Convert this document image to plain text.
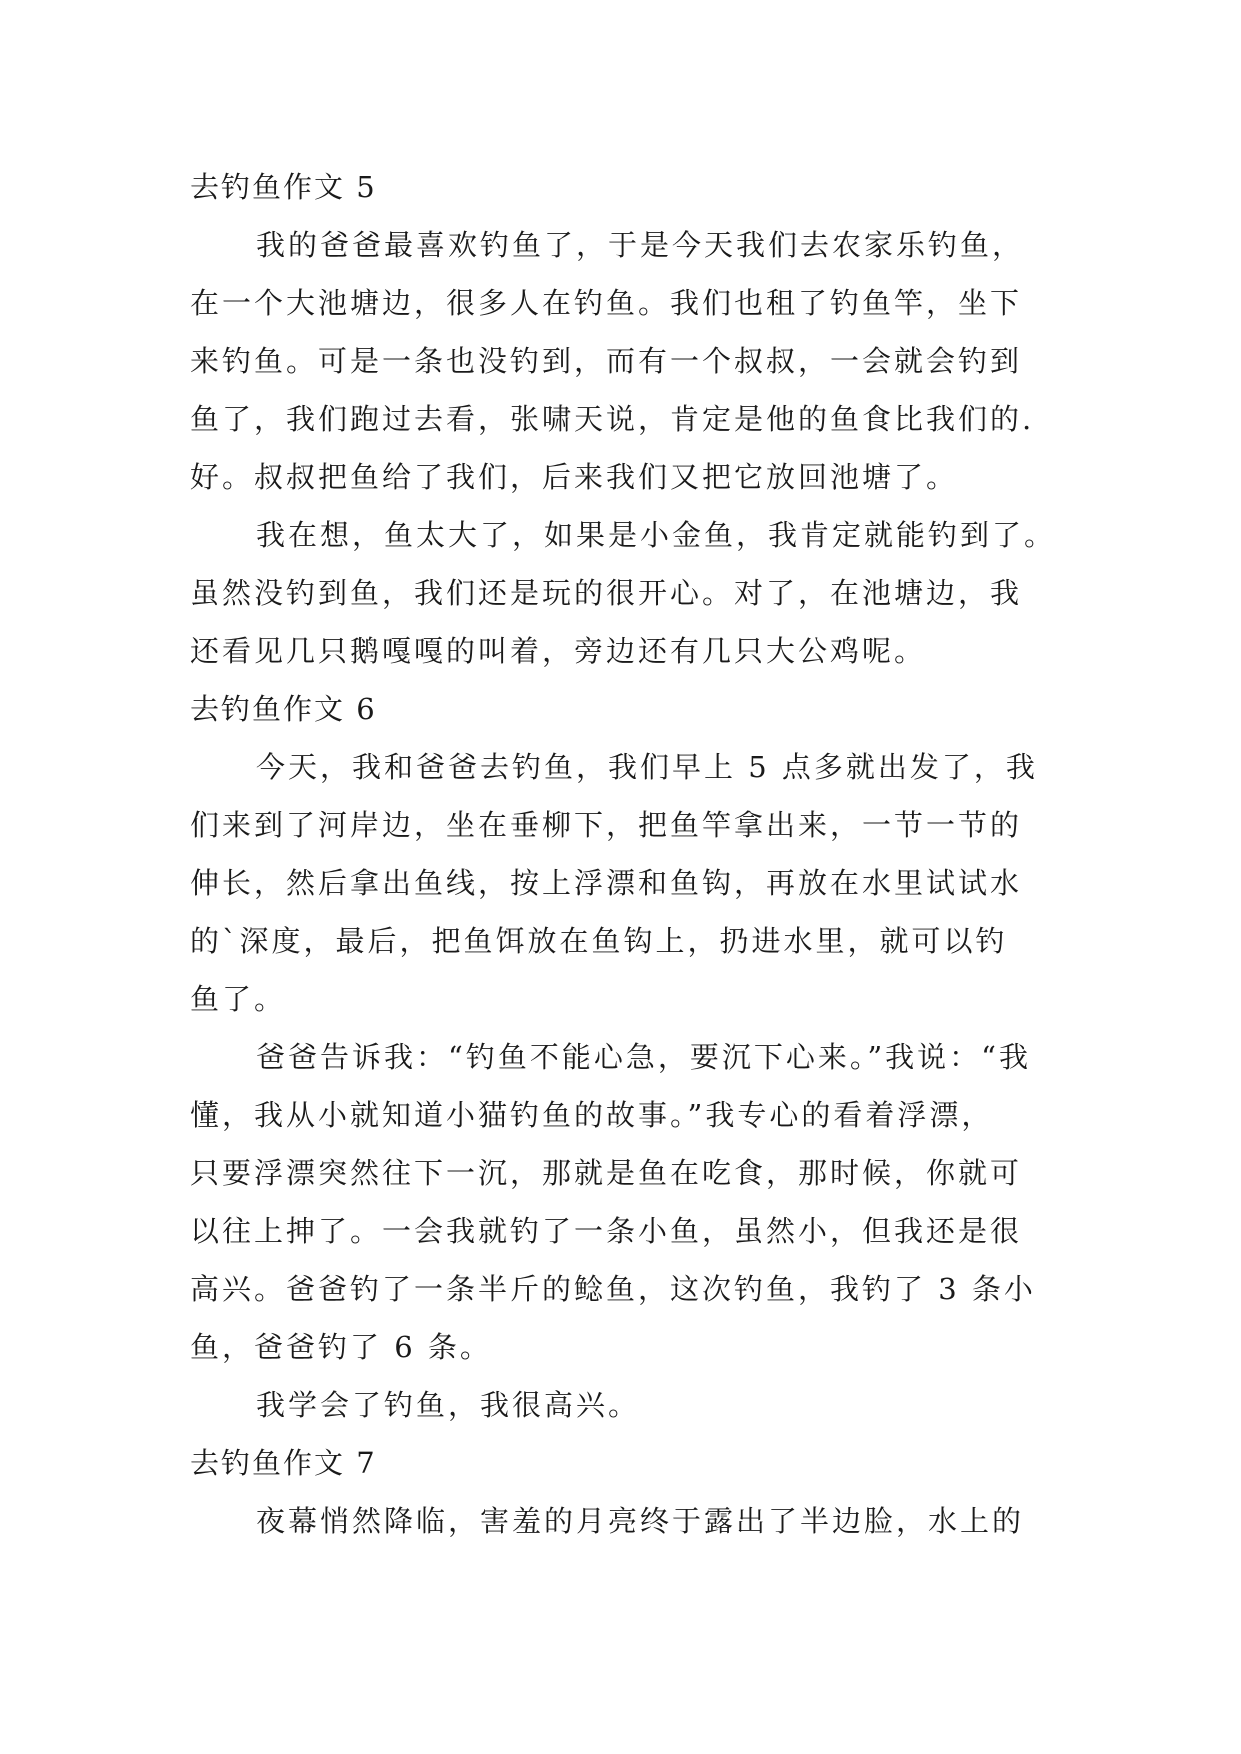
去钓鱼作文 5
我的爸爸最喜欢钓鱼了，于是今天我们去农家乐钓鱼，
在一个大池塘边，很多人在钓鱼。我们也租了钓鱼竿，坐下
来钓鱼。可是一条也没钓到，而有一个叔叔，一会就会钓到
鱼了，我们跑过去看，张啸天说，肯定是他的鱼食比我们的.
好。叔叔把鱼给了我们，后来我们又把它放回池塘了。
我在想，鱼太大了，如果是小金鱼，我肯定就能钓到了。
虽然没钓到鱼，我们还是玩的很开心。对了，在池塘边，我
还看见几只鹅嘎嘎的叫着，旁边还有几只大公鸡呢。
去钓鱼作文 6
今天，我和爸爸去钓鱼，我们早上 5 点多就出发了，我
们来到了河岸边，坐在垂柳下，把鱼竿拿出来，一节一节的
伸长，然后拿出鱼线，按上浮漂和鱼钩，再放在水里试试水
的`深度，最后，把鱼饵放在鱼钩上，扔进水里，就可以钓
鱼了。
爸爸告诉我：“钓鱼不能心急，要沉下心来。”我说：“我
懂，我从小就知道小猫钓鱼的故事。”我专心的看着浮漂，
只要浮漂突然往下一沉，那就是鱼在吃食，那时候，你就可
以往上抻了。一会我就钓了一条小鱼，虽然小，但我还是很
高兴。爸爸钓了一条半斤的鲶鱼，这次钓鱼，我钓了 3 条小
鱼，爸爸钓了 6 条。
我学会了钓鱼，我很高兴。
去钓鱼作文 7
夜幕悄然降临，害羞的月亮终于露出了半边脸，水上的
